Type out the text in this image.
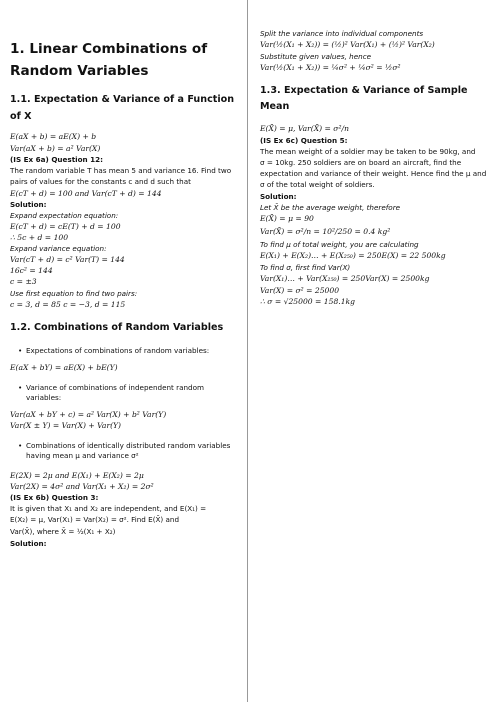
1. Linear Combinations of
Random Variables
1.1. Expectation & Variance of a Function
of X
E(aX + b) = aE(X) + b
Var(aX + b) = a² Var(X)
(IS Ex 6a) Question 12:
The random variable T has mean 5 and variance 16. Find two
pairs of values for the constants c and d such that
E(cT + d) = 100 and Var(cT + d) = 144
Solution:
Expand expectation equation:
E(cT + d) = cE(T) + d = 100
∴ 5c + d = 100
Expand variance equation:
Var(cT + d) = c² Var(T) = 144
16c² = 144
c = ±3
Use first equation to find two pairs:
c = 3, d = 85 c = −3, d = 115
1.2. Combinations of Random Variables
• Expectations of combinations of random variables:
E(aX + bY) = aE(X) + bE(Y)
• Variance of combinations of independent random
variables:
Var(aX + bY + c) = a² Var(X) + b² Var(Y)
Var(X ± Y) = Var(X) + Var(Y)
• Combinations of identically distributed random variables
having mean μ and variance σ²
E(2X) = 2μ and E(X₁) + E(X₂) = 2μ
Var(2X) = 4σ² and Var(X₁ + X₂) = 2σ²
(IS Ex 6b) Question 3:
It is given that X₁ and X₂ are independent, and E(X₁) =
E(X₂) = μ, Var(X₁) = Var(X₂) = σ². Find E(X̄) and
Var(X̄), where X̄ = ½(X₁ + X₂)
Solution:
Split the variance into individual components
Var(½(X₁ + X₂)) = (½)² Var(X₁) + (½)² Var(X₂)
Substitute given values, hence
Var(½(X₁ + X₂)) = ¼σ² + ¼σ² = ½σ²
1.3. Expectation & Variance of Sample
Mean
E(X̄) = μ, Var(X̄) = σ²/n
(IS Ex 6c) Question 5:
The mean weight of a soldier may be taken to be 90kg, and
σ = 10kg. 250 soldiers are on board an aircraft, find the
expectation and variance of their weight. Hence find the μ and
σ of the total weight of soldiers.
Solution:
Let X̄ be the average weight, therefore
E(X̄) = μ = 90
Var(X̄) = σ²/n = 10²/250 = 0.4 kg²
To find μ of total weight, you are calculating
E(X₁) + E(X₂)… + E(X₂₅₀) = 250E(X) = 22 500kg
To find σ, first find Var(X)
Var(X₁)… + Var(X₂₅₀) = 250Var(X) = 2500kg
Var(X) = σ² = 25000
∴ σ = √25000 = 158.1kg
